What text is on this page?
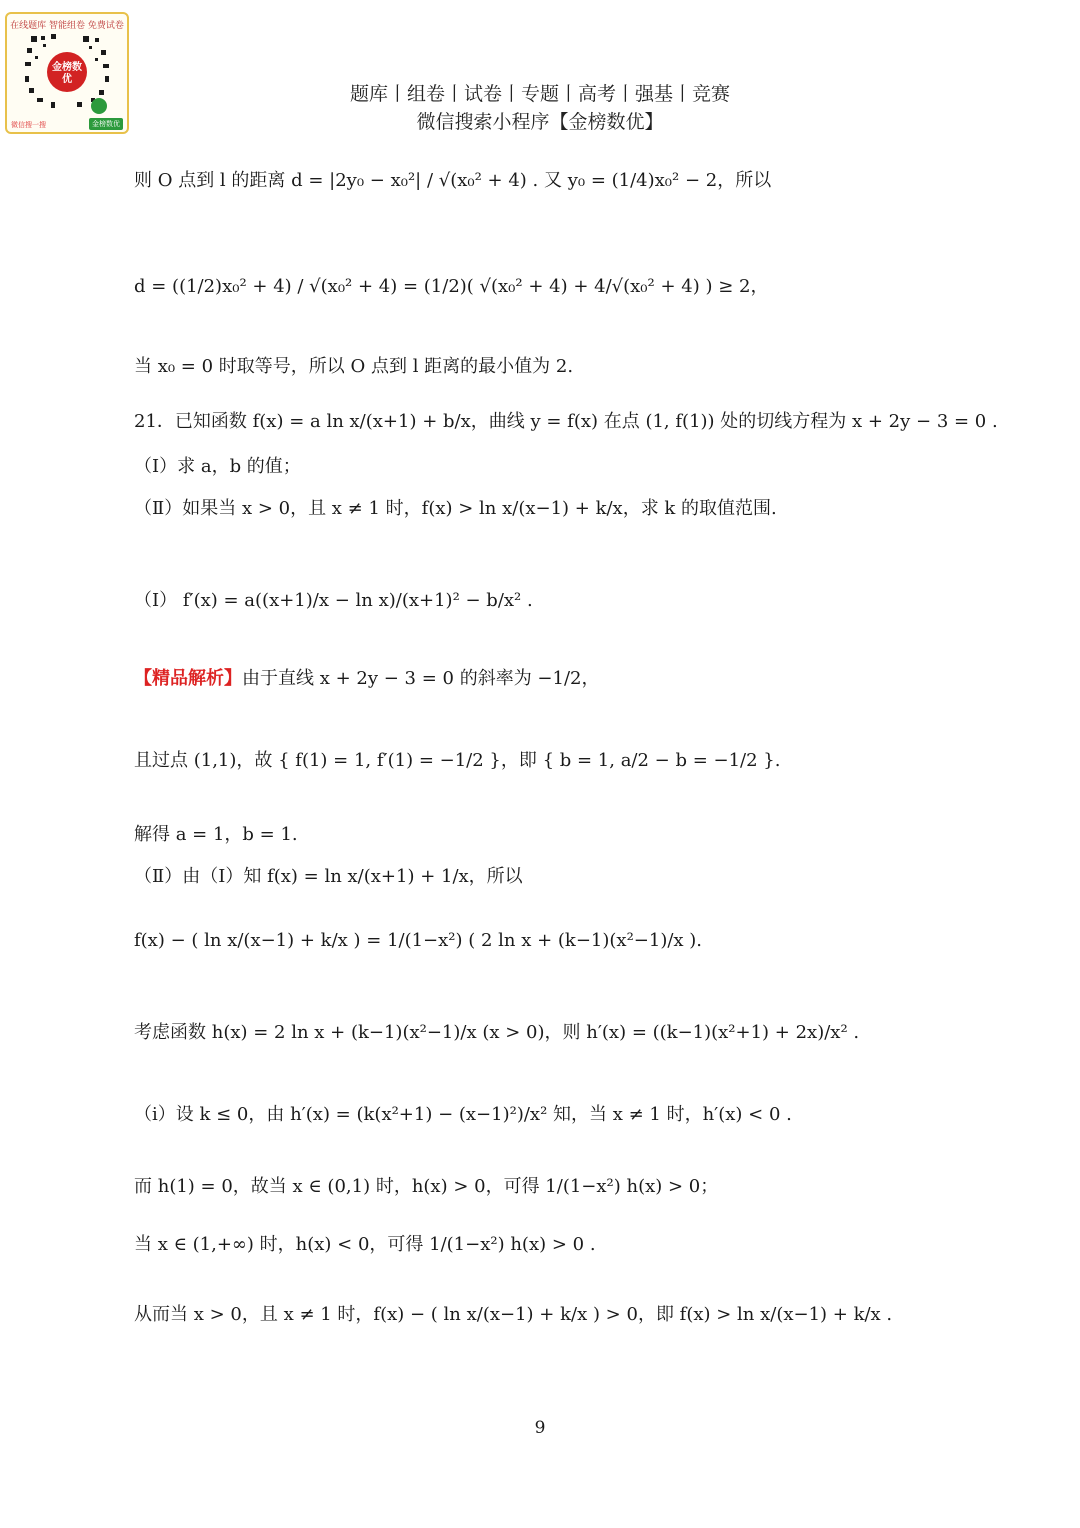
在线题库 智能组卷 免费试卷
金榜数优
微信搜一搜	金榜数优
题库丨组卷丨试卷丨专题丨高考丨强基丨竞赛
微信搜索小程序【金榜数优】
则 O 点到 l 的距离 d = |2y₀ − x₀²| / √(x₀² + 4) . 又 y₀ = (1/4)x₀² − 2，所以
d = ((1/2)x₀² + 4) / √(x₀² + 4) = (1/2)( √(x₀² + 4) + 4/√(x₀² + 4) ) ≥ 2，
当 x₀ = 0 时取等号，所以 O 点到 l 距离的最小值为 2.
21．已知函数 f(x) = a ln x/(x+1) + b/x，曲线 y = f(x) 在点 (1, f(1)) 处的切线方程为 x + 2y − 3 = 0 .
（Ⅰ）求 a，b 的值；
（Ⅱ）如果当 x > 0，且 x ≠ 1 时，f(x) > ln x/(x−1) + k/x，求 k 的取值范围.
（Ⅰ） f′(x) = a((x+1)/x − ln x)/(x+1)² − b/x² .
【精品解析】由于直线 x + 2y − 3 = 0 的斜率为 −1/2，
且过点 (1,1)，故 { f(1) = 1, f′(1) = −1/2 }，即 { b = 1, a/2 − b = −1/2 }.
解得 a = 1，b = 1.
（Ⅱ）由（Ⅰ）知 f(x) = ln x/(x+1) + 1/x，所以
f(x) − ( ln x/(x−1) + k/x ) = 1/(1−x²) ( 2 ln x + (k−1)(x²−1)/x ).
考虑函数 h(x) = 2 ln x + (k−1)(x²−1)/x (x > 0)，则 h′(x) = ((k−1)(x²+1) + 2x)/x² .
（ⅰ）设 k ≤ 0，由 h′(x) = (k(x²+1) − (x−1)²)/x² 知，当 x ≠ 1 时，h′(x) < 0 .
而 h(1) = 0，故当 x ∈ (0,1) 时，h(x) > 0，可得 1/(1−x²) h(x) > 0；
当 x ∈ (1,+∞) 时，h(x) < 0，可得 1/(1−x²) h(x) > 0 .
从而当 x > 0，且 x ≠ 1 时，f(x) − ( ln x/(x−1) + k/x ) > 0，即 f(x) > ln x/(x−1) + k/x .
9
